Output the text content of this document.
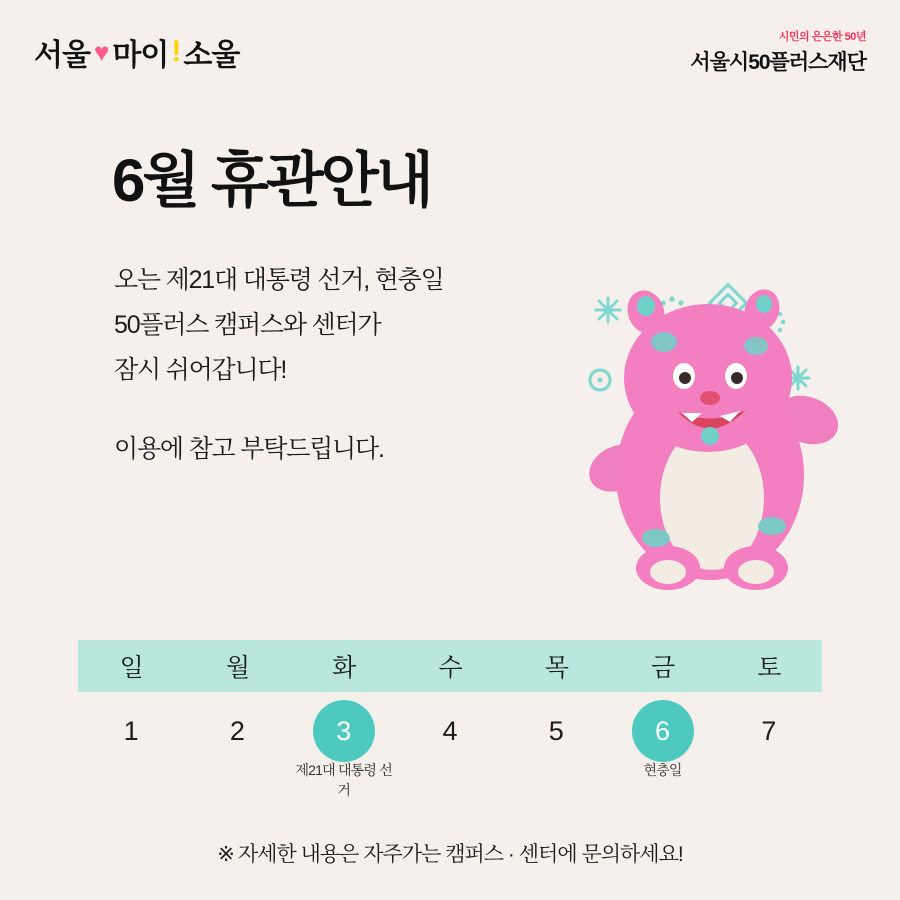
서울 ♥ 마이 ! 소울
시민의 은은한 50년
서울시50플러스재단
6월 휴관안내
오는 제21대 대통령 선거, 현충일
50플러스 캠퍼스와 센터가
잠시 쉬어갑니다!
이용에 참고 부탁드립니다.
일	월	화	수	목	금	토
1	2	3	4	5	6	7
제21대 대통령 선거
현충일
※ 자세한 내용은 자주가는 캠퍼스 · 센터에 문의하세요!
